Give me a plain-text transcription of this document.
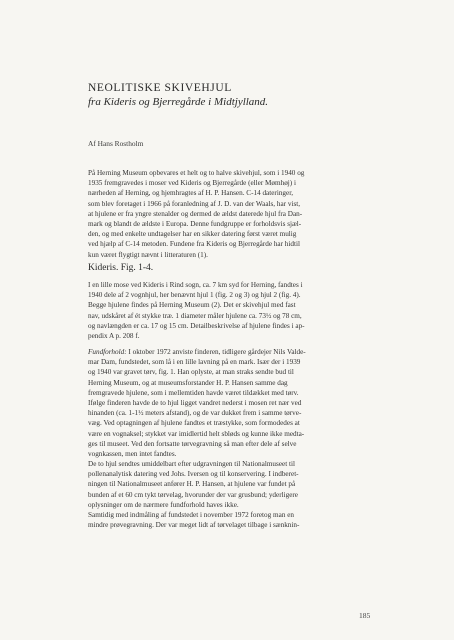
NEOLITISKE SKIVEHJUL
fra Kideris og Bjerregårde i Midtjylland.
Af Hans Rostholm
På Herning Museum opbevares et helt og to halve skivehjul, som i 1940 og
1935 fremgravedes i moser ved Kideris og Bjerregårde (eller Mømhøj) i
nærheden af Herning, og hjemhragtes af H. P. Hansen. C-14 dateringer,
som blev foretaget i 1966 på foranledning af J. D. van der Waals, har vist,
at hjulene er fra yngre stenalder og dermed de ældst daterede hjul fra Dan-
mark og blandt de ældste i Europa. Denne fundgruppe er forholdsvis sjæl-
den, og med enkelte undtagelser har en sikker datering først været mulig
ved hjælp af C-14 metoden. Fundene fra Kideris og Bjerregårde har hidtil
kun været flygtigt nævnt i litteraturen (1).
Kideris. Fig. 1-4.
I en lille mose ved Kideris i Rind sogn, ca. 7 km syd for Herning, fandtes i
1940 dele af 2 vognhjul, her benævnt hjul 1 (fig. 2 og 3) og hjul 2 (fig. 4).
Begge hjulene findes på Herning Museum (2). Det er skivehjul med fast
nav, udskåret af ét stykke træ. 1 diameter måler hjulene ca. 73½ og 78 cm,
og navlængden er ca. 17 og 15 cm. Detailbeskrivelse af hjulene findes i ap-
pendix A p. 208 f.
Fundforhold: I oktober 1972 anviste finderen, tidligere gårdejer Nils Valde-
mar Dam, fundstedet, som lå i en lille lavning på en mark. Især der i 1939
og 1940 var gravet tørv, fig. 1. Han oplyste, at man straks sendte bud til
Herning Museum, og at museumsforstander H. P. Hansen samme dag
fremgravede hjulene, som i mellemtiden havde været tildækket med tørv.
Ifølge finderen havde de to hjul ligget vandret nederst i mosen ret nær ved
hinanden (ca. 1-1½ meters afstand), og de var dukket frem i samme tørve-
væg. Ved optagningen af hjulene fandtes et træstykke, som formodedes at
være en vognaksel; stykket var imidlertid helt sbløds og kunne ikke medta-
ges til museet. Ved den fortsatte tørvegravning så man efter dele af selve
vognkassen, men intet fandtes.
De to hjul sendtes umiddelbart efter udgravningen til Nationalmuseet til
pollenanalytisk datering ved Johs. Iversen og til konservering. I indberet-
ningen til Nationalmuseet anfører H. P. Hansen, at hjulene var fundet på
bunden af et 60 cm tykt tørvelag, hvorunder der var grusbund; yderligere
oplysninger om de nærmere fundforhold haves ikke.
Samtidig med indmåling af fundstedet i november 1972 foretog man en
mindre prøvegravning. Der var meget lidt af tørvelaget tilbage i sænknin-
185
